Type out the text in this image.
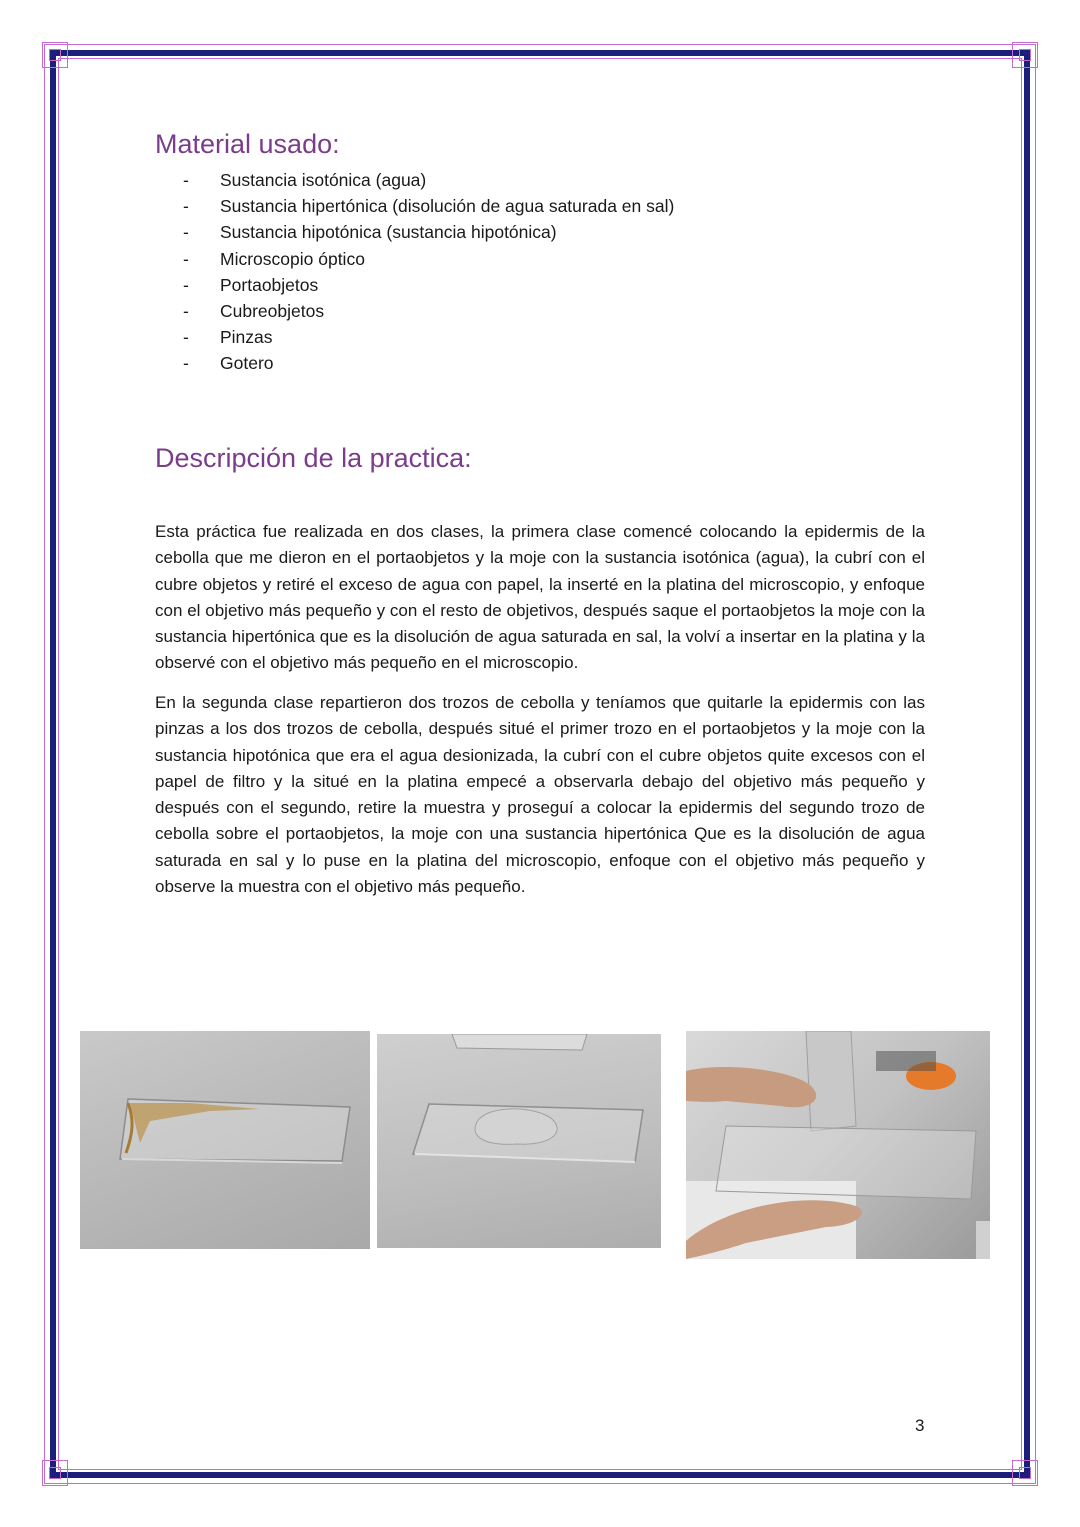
Material usado:
- Sustancia isotónica (agua)
- Sustancia hipertónica (disolución de agua saturada en sal)
- Sustancia hipotónica (sustancia hipotónica)
- Microscopio óptico
- Portaobjetos
- Cubreobjetos
- Pinzas
- Gotero
Descripción de la practica:

Esta práctica fue realizada en dos clases, la primera clase comencé colocando la epidermis de la cebolla que me dieron en el portaobjetos y la moje con la sustancia isotónica (agua), la cubrí con el cubre objetos y retiré el exceso de agua con papel, la inserté en la platina del microscopio, y enfoque con el objetivo más pequeño y con el resto de objetivos, después saque el portaobjetos la moje con la sustancia hipertónica que es la disolución de agua saturada en sal, la volví a insertar en la platina y la observé con el objetivo más pequeño en el microscopio.

En la segunda clase repartieron dos trozos de cebolla y teníamos que quitarle la epidermis con las pinzas a los dos trozos de cebolla, después situé el primer trozo en el portaobjetos y la moje con la sustancia hipotónica que era el agua desionizada, la cubrí con el cubre objetos quite excesos con el papel de filtro y la situé en la platina empecé a observarla debajo del objetivo más pequeño y después con el segundo, retire la muestra y proseguí a colocar la epidermis del segundo trozo de cebolla sobre el portaobjetos, la moje con una sustancia hipertónica Que es la disolución de agua saturada en sal y lo puse en la platina del microscopio, enfoque con el objetivo más pequeño y observe la muestra con el objetivo más pequeño.

3
